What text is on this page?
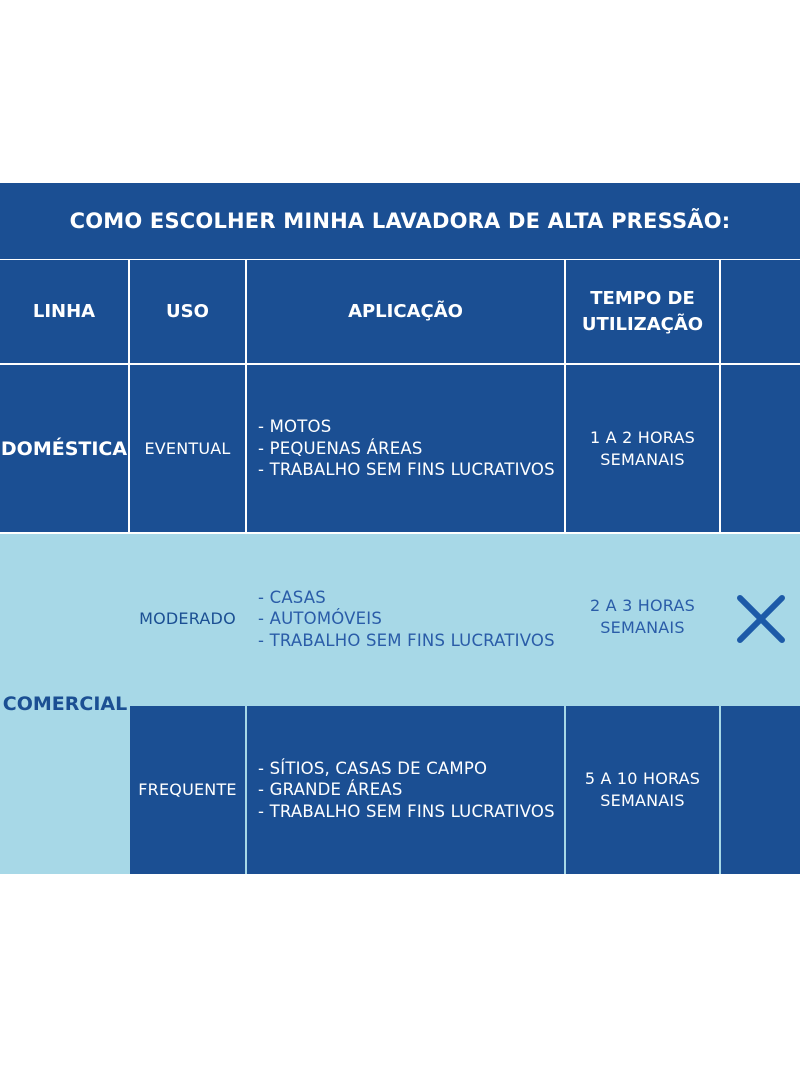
COMO ESCOLHER MINHA LAVADORA DE ALTA PRESSÃO:
LINHA	USO	APLICAÇÃO
TEMPO DE UTILIZAÇÃO
DOMÉSTICA EVENTUAL
- MOTOS
- PEQUENAS ÁREAS
- TRABALHO SEM FINS LUCRATIVOS
1 A 2 HORAS
SEMANAIS
MODERADO
- CASAS
- AUTOMÓVEIS
- TRABALHO SEM FINS LUCRATIVOS
2 A 3 HORAS
SEMANAIS
COMERCIAL
FREQUENTE
- SÍTIOS, CASAS DE CAMPO
- GRANDE ÁREAS
- TRABALHO SEM FINS LUCRATIVOS
5 A 10 HORAS
SEMANAIS
